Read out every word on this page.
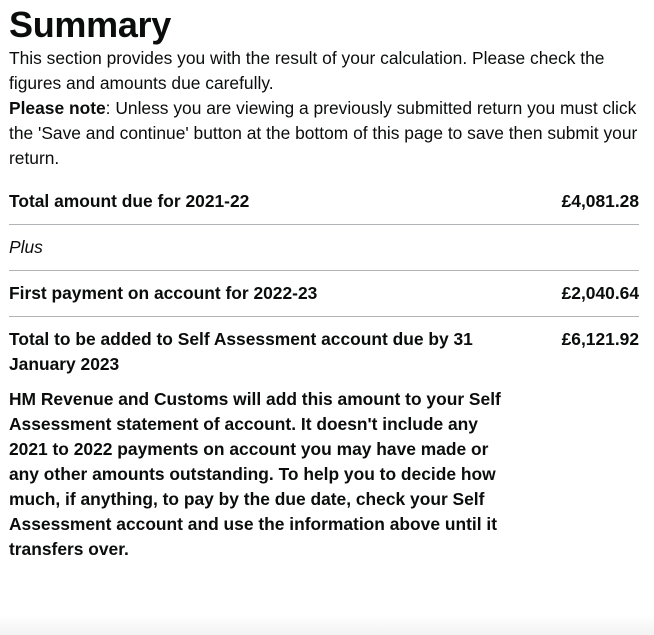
Summary

This section provides you with the result of your calculation. Please check the figures and amounts due carefully.

Please note: Unless you are viewing a previously submitted return you must click the 'Save and continue' button at the bottom of this page to save then submit your return.

Total amount due for 2021-22	£4,081.28
Plus	
First payment on account for 2022-23	£2,040.64
Total to be added to Self Assessment account due by 31 January 2023	£6,121.92

HM Revenue and Customs will add this amount to your Self Assessment statement of account. It doesn't include any 2021 to 2022 payments on account you may have made or any other amounts outstanding. To help you to decide how much, if anything, to pay by the due date, check your Self Assessment account and use the information above until it transfers over.
